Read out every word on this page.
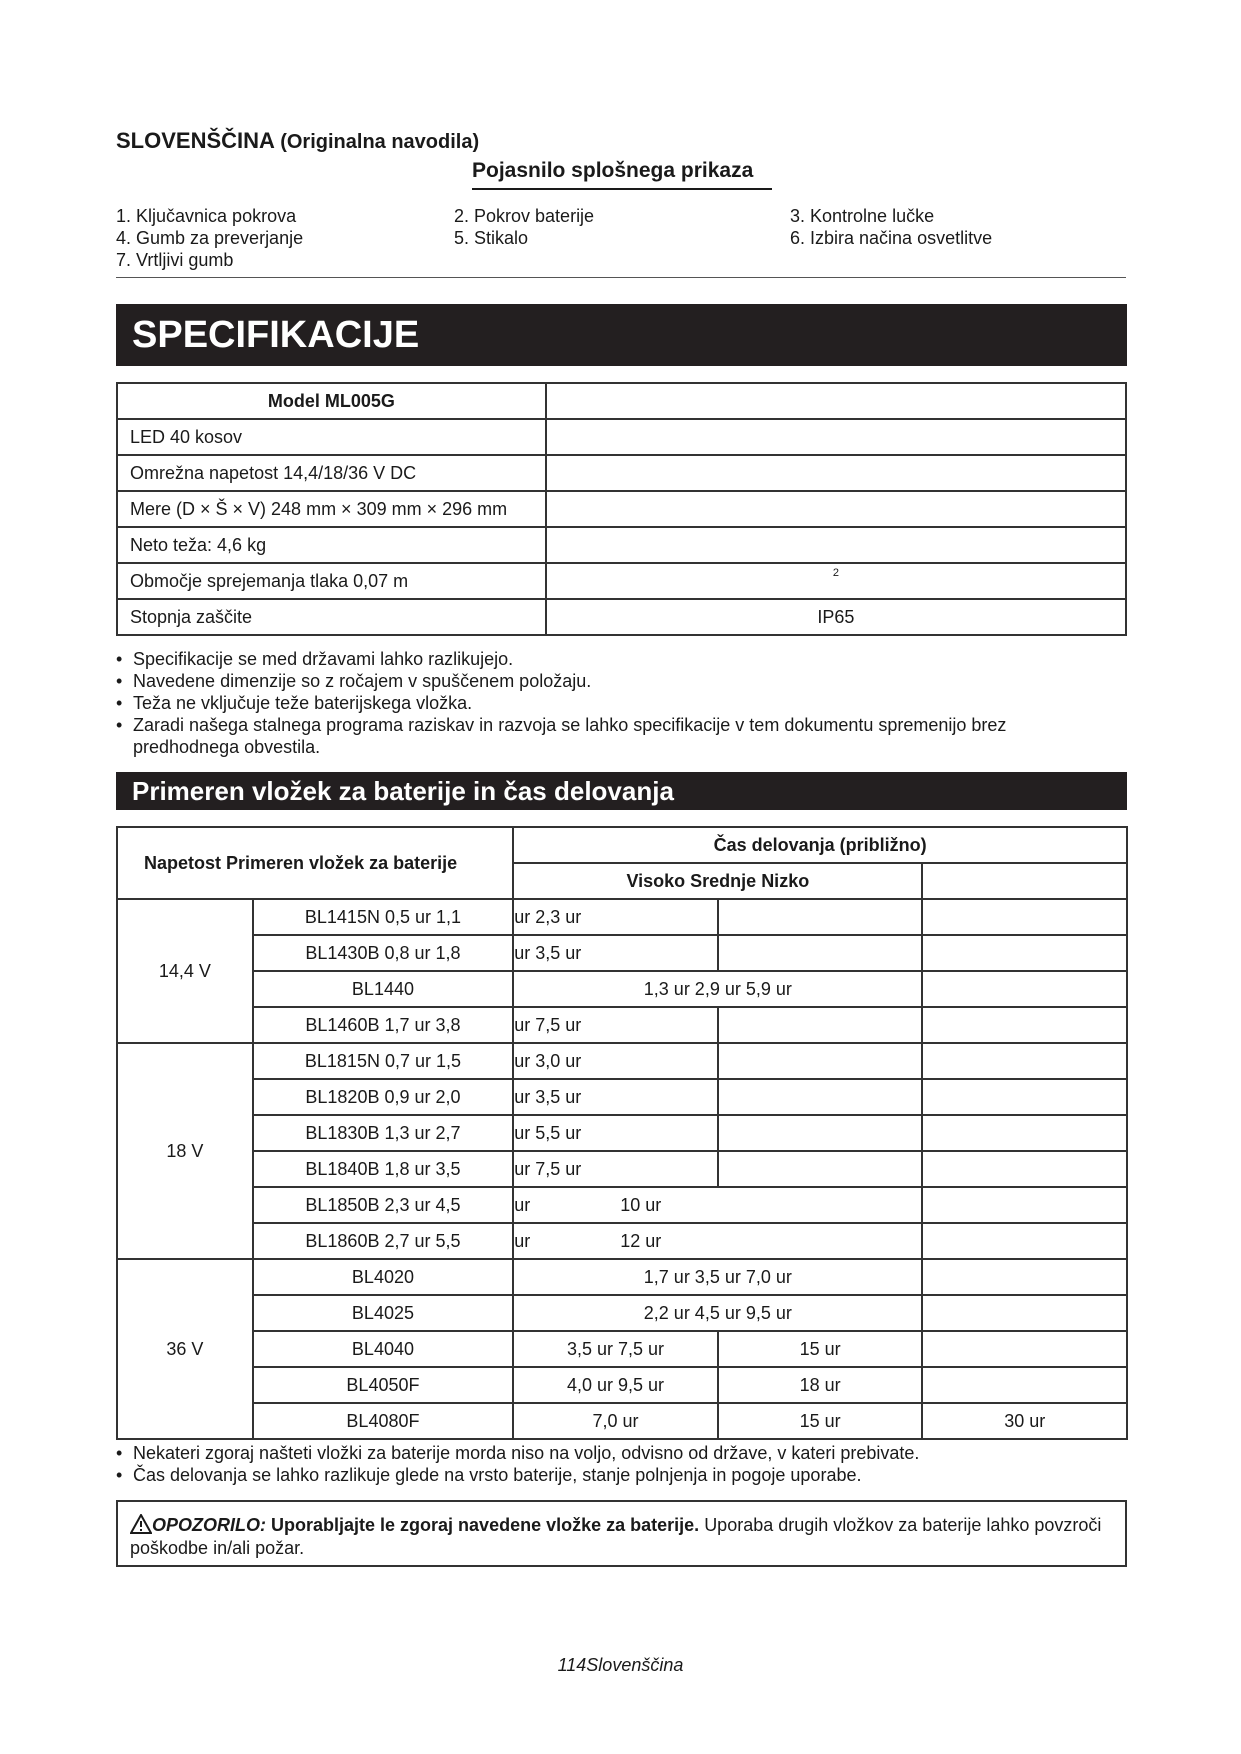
SLOVENŠČINA (Originalna navodila)
Pojasnilo splošnega prikaza
1. Ključavnica pokrova	2. Pokrov baterije	3. Kontrolne lučke
4. Gumb za preverjanje	5. Stikalo	6. Izbira načina osvetlitve
7. Vrtljivi gumb
SPECIFIKACIJE
Model ML005G	
LED 40 kosov	
Omrežna napetost 14,4/18/36 V DC	
Mere (D × Š × V) 248 mm × 309 mm × 296 mm	
Neto teža: 4,6 kg	
Območje sprejemanja tlaka 0,07 m	$^2$
Stopnja zaščite	IP65
• Specifikacije se med državami lahko razlikujejo.
• Navedene dimenzije so z ročajem v spuščenem položaju.
• Teža ne vključuje teže baterijskega vložka.
• Zaradi našega stalnega programa raziskav in razvoja se lahko specifikacije v tem dokumentu spremenijo brez predhodnega obvestila.
Primeren vložek za baterije in čas delovanja
Napetost Primeren vložek za baterije		Čas delovanja (približno)		
		Visoko Srednje Nizko		
14,4 V	BL1415N 0,5 ur 1,1	ur 2,3 ur		
	BL1430B 0,8 ur 1,8	ur 3,5 ur		
	BL1440	1,3 ur 2,9 ur 5,9 ur		
	BL1460B 1,7 ur 3,8	ur 7,5 ur		
18 V	BL1815N 0,7 ur 1,5	ur 3,0 ur		
	BL1820B 0,9 ur 2,0	ur 3,5 ur		
	BL1830B 1,3 ur 2,7	ur 5,5 ur		
	BL1840B 1,8 ur 3,5	ur 7,5 ur		
	BL1850B 2,3 ur 4,5	ur                  10 ur		
	BL1860B 2,7 ur 5,5	ur                  12 ur		
36 V	BL4020	1,7 ur 3,5 ur 7,0 ur		
	BL4025	2,2 ur 4,5 ur 9,5 ur		
	BL4040	3,5 ur 7,5 ur	15 ur	
	BL4050F	4,0 ur 9,5 ur	18 ur	
	BL4080F	7,0 ur	15 ur	30 ur
• Nekateri zgoraj našteti vložki za baterije morda niso na voljo, odvisno od države, v kateri prebivate.
• Čas delovanja se lahko razlikuje glede na vrsto baterije, stanje polnjenja in pogoje uporabe.
OPOZORILO: Uporabljajte le zgoraj navedene vložke za baterije. Uporaba drugih vložkov za baterije lahko povzroči poškodbe in/ali požar.
114Slovenščina
